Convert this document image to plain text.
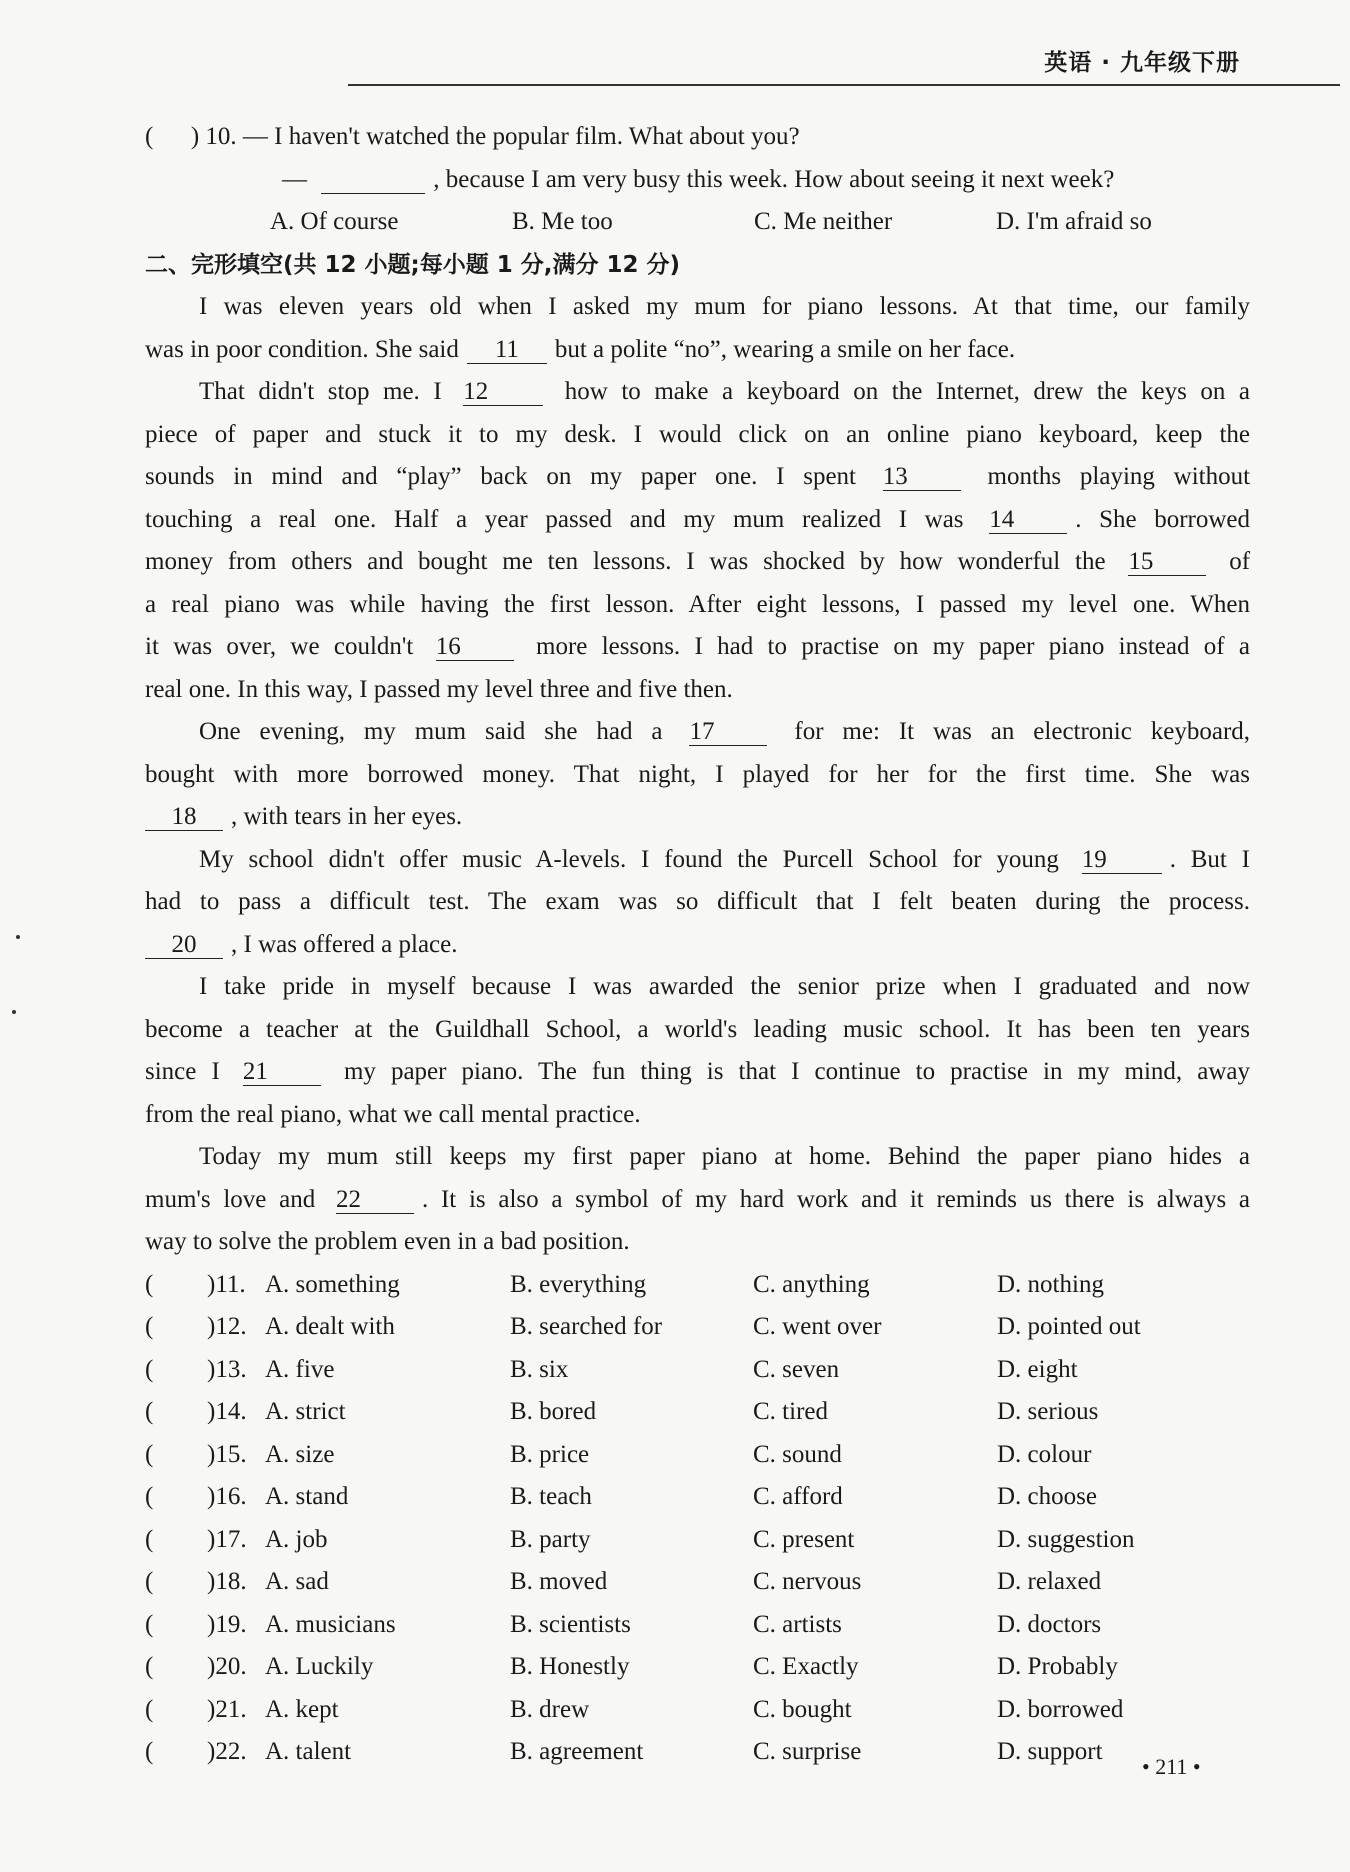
英语 · 九年级下册
(      ) 10. — I haven't watched the popular film. What about you?
—	, because I am very busy this week. How about seeing it next week?
A. Of course	B. Me too	C. Me neither	D. I'm afraid so
二、完形填空(共 12 小题;每小题 1 分,满分 12 分)
I was eleven years old when I asked my mum for piano lessons. At that time, our family
was in poor condition. She said 11 but a polite “no”, wearing a smile on her face.
That didn't stop me. I 12	how to make a keyboard on the Internet, drew the keys on a
piece of paper and stuck it to my desk. I would click on an online piano keyboard, keep the
sounds in mind and “play” back on my paper one. I spent 13	months playing without
touching a real one. Half a year passed and my mum realized I was 14 . She borrowed
money from others and bought me ten lessons. I was shocked by how wonderful the 15	of
a real piano was while having the first lesson. After eight lessons, I passed my level one. When
it was over, we couldn't 16	more lessons. I had to practise on my paper piano instead of a
real one. In this way, I passed my level three and five then.
One evening, my mum said she had a 17	for me: It was an electronic keyboard,
bought with more borrowed money. That night, I played for her for the first time. She was
18 , with tears in her eyes.
My school didn't offer music A-levels. I found the Purcell School for young 19	. But I
had to pass a difficult test. The exam was so difficult that I felt beaten during the process.
20 , I was offered a place.
I take pride in myself because I was awarded the senior prize when I graduated and now
become a teacher at the Guildhall School, a world's leading music school. It has been ten years
since I 21	my paper piano. The fun thing is that I continue to practise in my mind, away
from the real piano, what we call mental practice.
Today my mum still keeps my first paper piano at home. Behind the paper piano hides a
mum's love and 22 . It is also a symbol of my hard work and it reminds us there is always a
way to solve the problem even in a bad position.
(	)11. A. something	B. everything	C. anything	D. nothing
(	)12. A. dealt with	B. searched for	C. went over	D. pointed out
(	)13. A. five	B. six	C. seven	D. eight
(	)14. A. strict	B. bored	C. tired	D. serious
(	)15. A. size	B. price	C. sound	D. colour
(	)16. A. stand	B. teach	C. afford	D. choose
(	)17. A. job	B. party	C. present	D. suggestion
(	)18. A. sad	B. moved	C. nervous	D. relaxed
(	)19. A. musicians	B. scientists	C. artists	D. doctors
(	)20. A. Luckily	B. Honestly	C. Exactly	D. Probably
(	)21. A. kept	B. drew	C. bought	D. borrowed
(	)22. A. talent	B. agreement	C. surprise	D. support
• 211 •
